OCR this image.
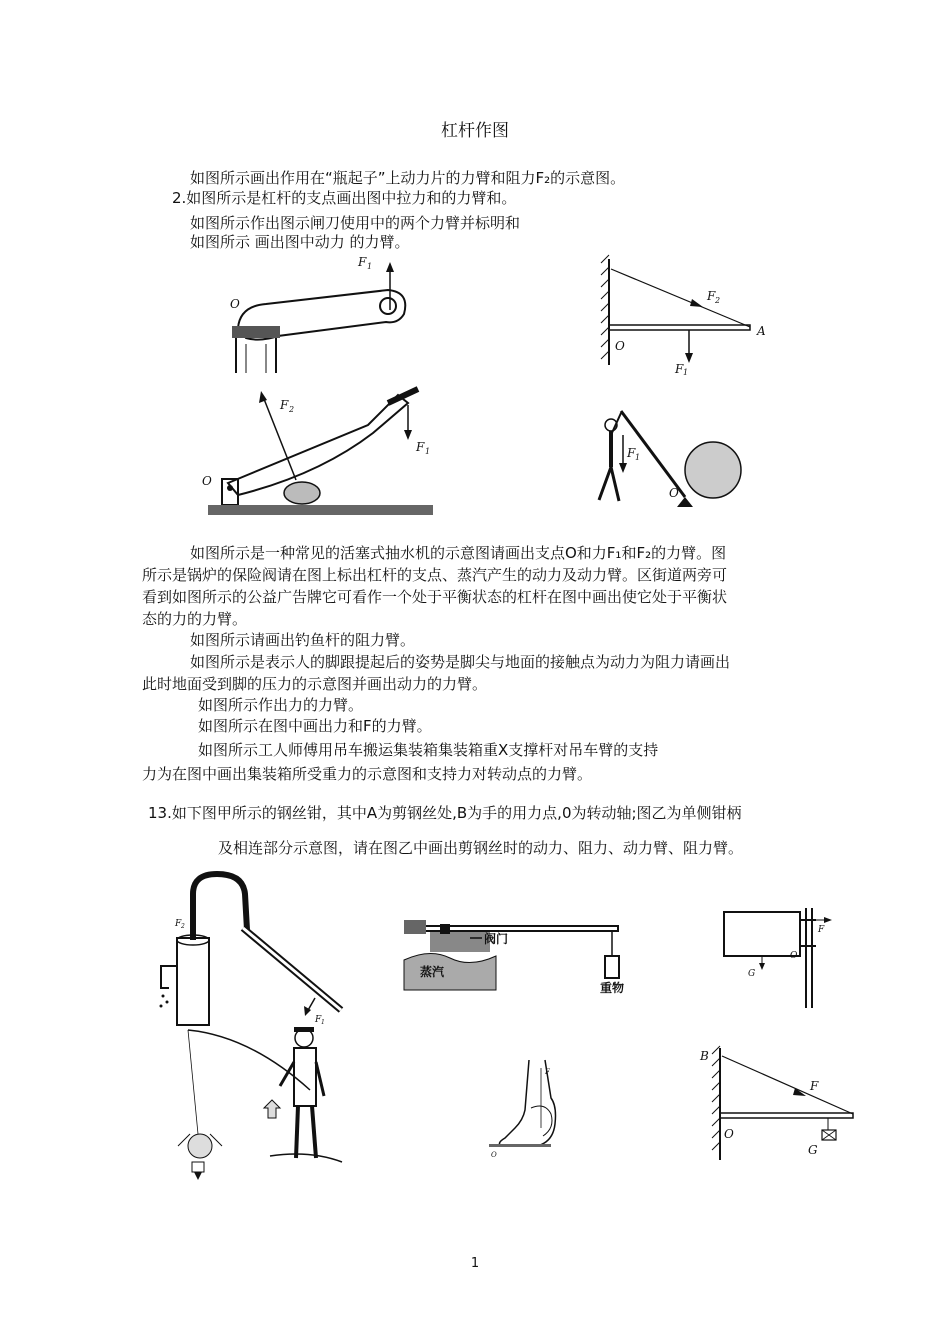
杠杆作图
如图所示画出作用在“瓶起子”上动力片的力臂和阻力F₂的示意图。
2.如图所示是杠杆的支点画出图中拉力和的力臂和。
如图所示作出图示闸刀使用中的两个力臂并标明和
如图所示 画出图中动力 的力臂。
F 1
O
F 2
A
O
F 1
F 2
F 1
O
O
F 1
如图所示是一种常见的活塞式抽水机的示意图请画出支点O和力F₁和F₂的力臂。图
所示是锅炉的保险阀请在图上标出杠杆的支点、蒸汽产生的动力及动力臂。区街道两旁可
看到如图所示的公益广告牌它可看作一个处于平衡状态的杠杆在图中画出使它处于平衡状
态的力的力臂。
如图所示请画出钓鱼杆的阻力臂。
如图所示是表示人的脚跟提起后的姿势是脚尖与地面的接触点为动力为阻力请画出
此时地面受到脚的压力的示意图并画出动力的力臂。
如图所示作出力的力臂。
如图所示在图中画出力和F的力臂。
如图所示工人师傅用吊车搬运集装箱集装箱重X支撑杆对吊车臂的支持
力为在图中画出集装箱所受重力的示意图和支持力对转动点的力臂。
13.如下图甲所示的钢丝钳，其中A为剪钢丝处,B为手的用力点,0为转动轴;图乙为单侧钳柄
及相连部分示意图，请在图乙中画出剪钢丝时的动力、阻力、动力臂、阻力臂。
F 2
F 1
阀门
蒸汽
重物
F
G
O
F
O
B
F
O
G
1
